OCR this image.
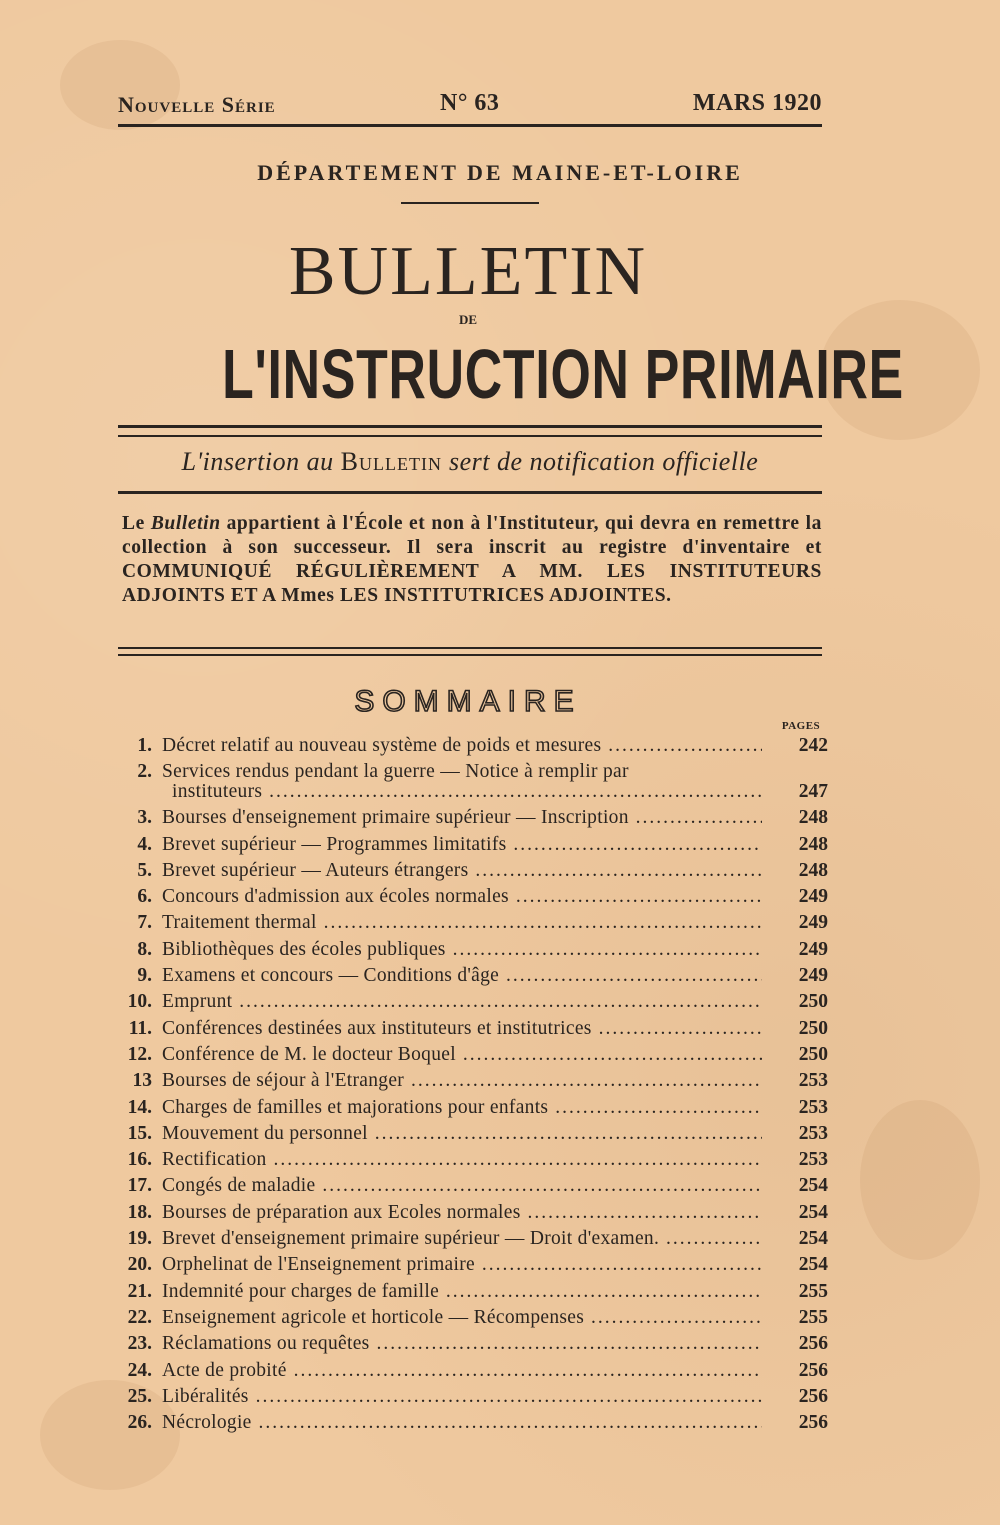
Nouvelle Série	N° 63	MARS 1920
DÉPARTEMENT DE MAINE-ET-LOIRE
BULLETIN
DE
L'INSTRUCTION PRIMAIRE
L'insertion au Bulletin sert de notification officielle
Le Bulletin appartient à l'École et non à l'Instituteur, qui devra en remettre la collection à son successeur. Il sera inscrit au registre d'inventaire et COMMUNIQUÉ RÉGULIÈREMENT A MM. LES INSTITUTEURS ADJOINTS ET A Mmes LES INSTITUTRICES ADJOINTES.
SOMMAIRE
PAGES
1. Décret relatif au nouveau système de poids et mesures .....	242
2. Services rendus pendant la guerre — Notice à remplir par
instituteurs .....	247
3. Bourses d'enseignement primaire supérieur — Inscription .....	248
4. Brevet supérieur — Programmes limitatifs .....	248
5. Brevet supérieur — Auteurs étrangers .....	248
6. Concours d'admission aux écoles normales .....	249
7. Traitement thermal .....	249
8. Bibliothèques des écoles publiques .....	249
9. Examens et concours — Conditions d'âge .....	249
10. Emprunt .....	250
11. Conférences destinées aux instituteurs et institutrices .....	250
12. Conférence de M. le docteur Boquel .....	250
13 Bourses de séjour à l'Etranger .....	253
14. Charges de familles et majorations pour enfants .....	253
15. Mouvement du personnel .....	253
16. Rectification .....	253
17. Congés de maladie .....	254
18. Bourses de préparation aux Ecoles normales .....	254
19. Brevet d'enseignement primaire supérieur — Droit d'examen. .....	254
20. Orphelinat de l'Enseignement primaire .....	254
21. Indemnité pour charges de famille .....	255
22. Enseignement agricole et horticole — Récompenses .....	255
23. Réclamations ou requêtes .....	256
24. Acte de probité .....	256
25. Libéralités .....	256
26. Nécrologie .....	256
